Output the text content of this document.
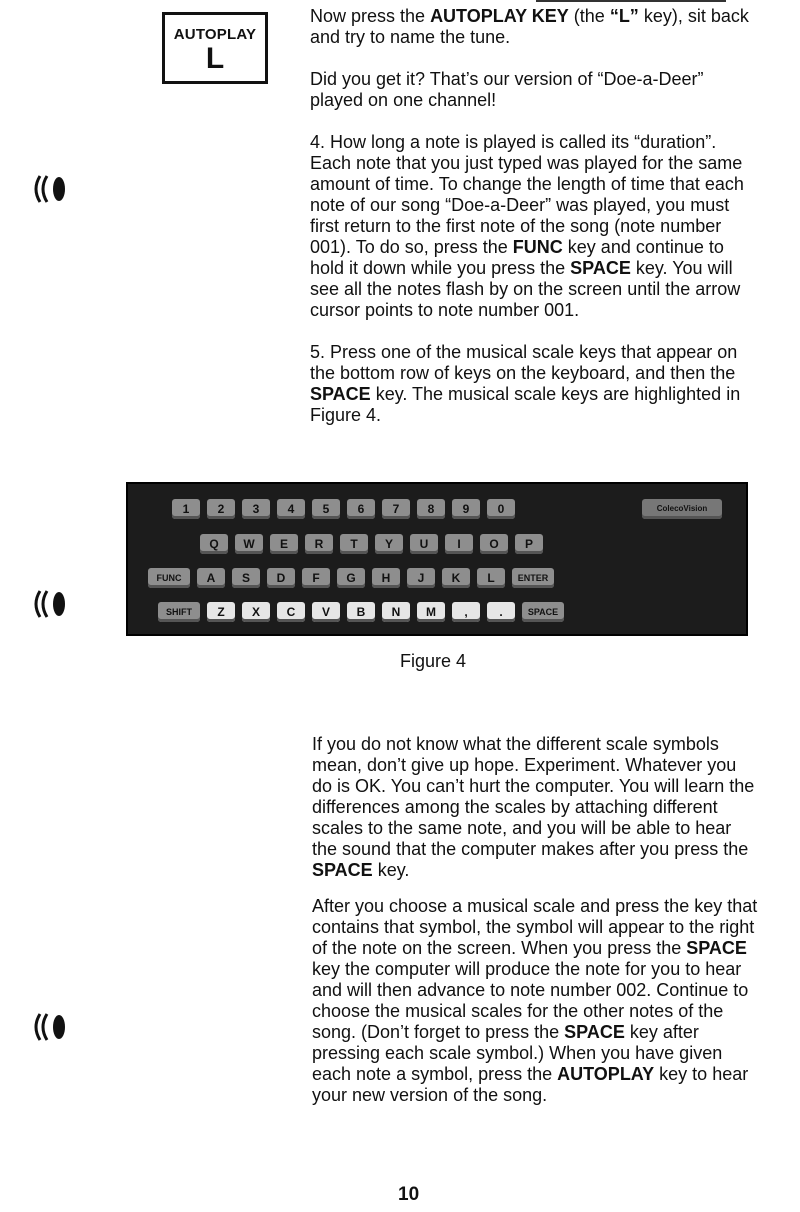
AUTOPLAY
L

Now press the AUTOPLAY KEY (the “L” key), sit back and try to name the tune.

Did you get it? That’s our version of “Doe-a-Deer” played on one channel!

4. How long a note is played is called its “duration”. Each note that you just typed was played for the same amount of time. To change the length of time that each note of our song “Doe-a-Deer” was played, you must first return to the first note of the song (note number 001). To do so, press the FUNC key and continue to hold it down while you press the SPACE key. You will see all the notes flash by on the screen until the arrow cursor points to note number 001.

5. Press one of the musical scale keys that appear on the bottom row of keys on the keyboard, and then the SPACE key. The musical scale keys are highlighted in Figure 4.

1	2	3	4	5	6	7	8	9	0	ColecoVision
Q	W	E	R	T	Y	U	I	O	P
FUNC	A	S	D	F	G	H	J	K	L	ENTER
SHIFT	Z	X	C	V	B	N	M	,	.	SPACE
Figure 4

If you do not know what the different scale symbols mean, don’t give up hope. Experiment. Whatever you do is OK. You can’t hurt the computer. You will learn the differences among the scales by attaching different scales to the same note, and you will be able to hear the sound that the computer makes after you press the SPACE key.

After you choose a musical scale and press the key that contains that symbol, the symbol will appear to the right of the note on the screen. When you press the SPACE key the computer will produce the note for you to hear and will then advance to note number 002. Continue to choose the musical scales for the other notes of the song. (Don’t forget to press the SPACE key after pressing each scale symbol.) When you have given each note a symbol, press the AUTOPLAY key to hear your new version of the song.

10
